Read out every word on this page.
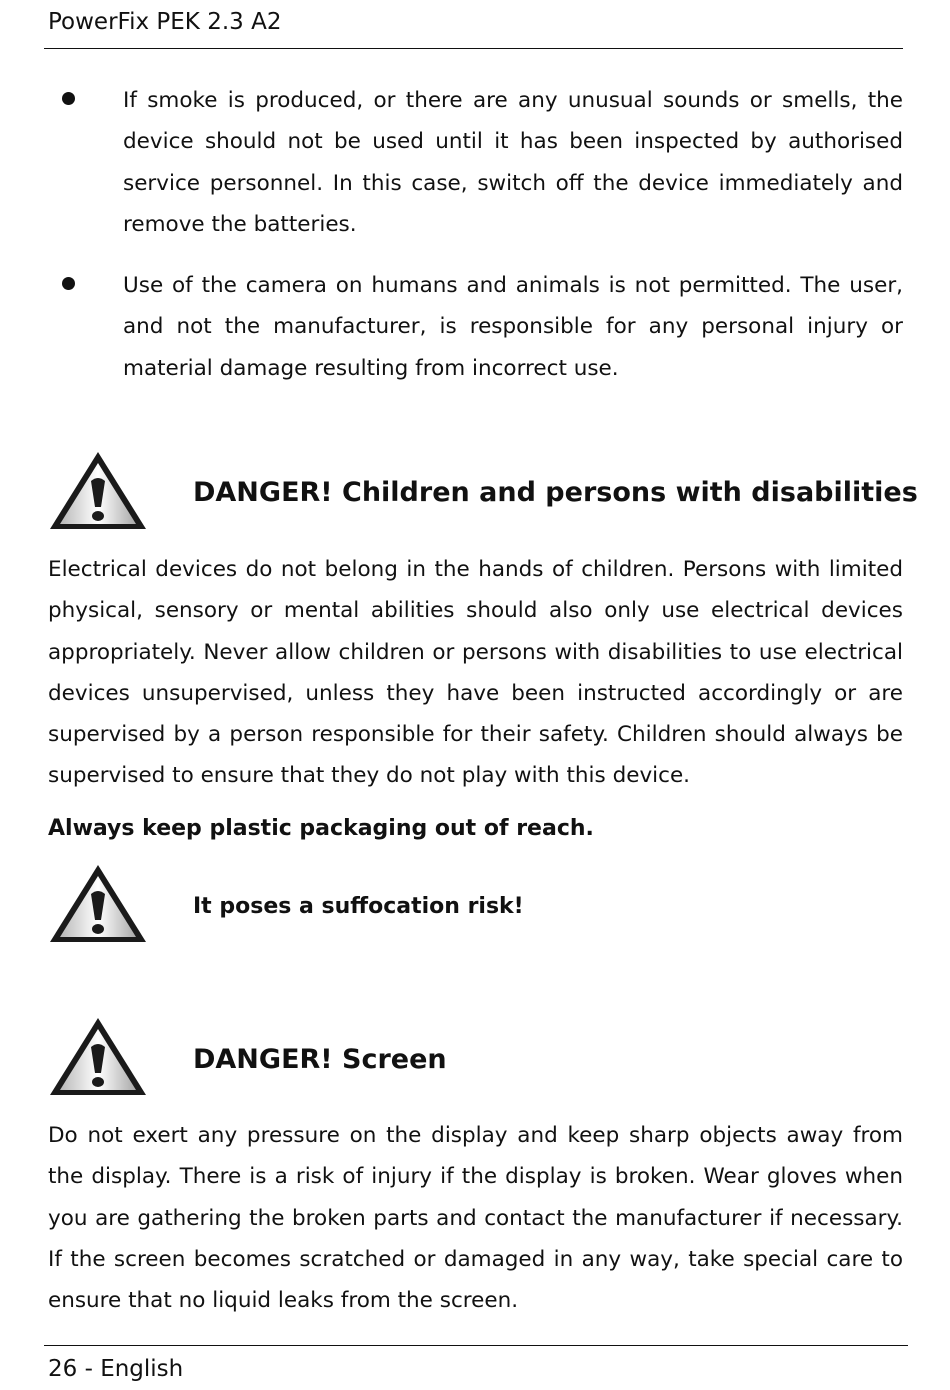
PowerFix PEK 2.3 A2
If smoke is produced, or there are any unusual sounds or smells, the device should not be used until it has been inspected by authorised service personnel. In this case, switch off the device immediately and remove the batteries.
Use of the camera on humans and animals is not permitted. The user, and not the manufacturer, is responsible for any personal injury or material damage resulting from incorrect use.
DANGER! Children and persons with disabilities
Electrical devices do not belong in the hands of children. Persons with limited physical, sensory or mental abilities should also only use electrical devices appropriately. Never allow children or persons with disabilities to use electrical devices unsupervised, unless they have been instructed accordingly or are supervised by a person responsible for their safety. Children should always be supervised to ensure that they do not play with this device.
Always keep plastic packaging out of reach.
It poses a suffocation risk!
DANGER! Screen
Do not exert any pressure on the display and keep sharp objects away from the display. There is a risk of injury if the display is broken. Wear gloves when you are gathering the broken parts and contact the manufacturer if necessary. If the screen becomes scratched or damaged in any way, take special care to ensure that no liquid leaks from the screen.
26 - English
